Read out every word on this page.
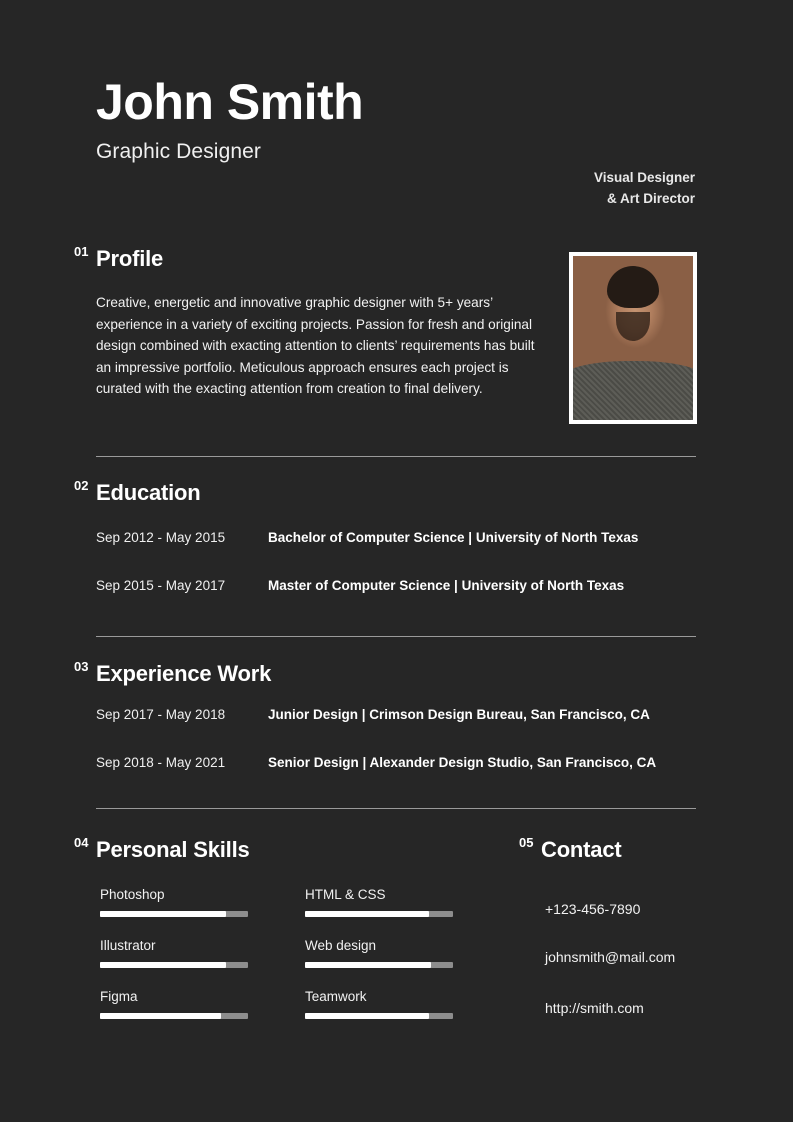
John Smith
Graphic Designer
Visual Designer
& Art Director
01 Profile
Creative, energetic and innovative graphic designer with 5+ years’ experience in a variety of exciting projects. Passion for fresh and original design combined with exacting attention to clients’ requirements has built an impressive portfolio. Meticulous approach ensures each project is curated with the exacting attention from creation to final delivery.
02 Education
Sep 2012 - May 2015	Bachelor of Computer Science | University of North Texas
Sep 2015 - May 2017	Master of Computer Science | University of North Texas
03 Experience Work
Sep 2017 - May 2018	Junior Design | Crimson Design Bureau, San Francisco, CA
Sep 2018 - May 2021	Senior Design | Alexander Design Studio, San Francisco, CA
04 Personal Skills
Photoshop
Illustrator
Figma
HTML & CSS
Web design
Teamwork
05 Contact
+123-456-7890
johnsmith@mail.com
http://smith.com
